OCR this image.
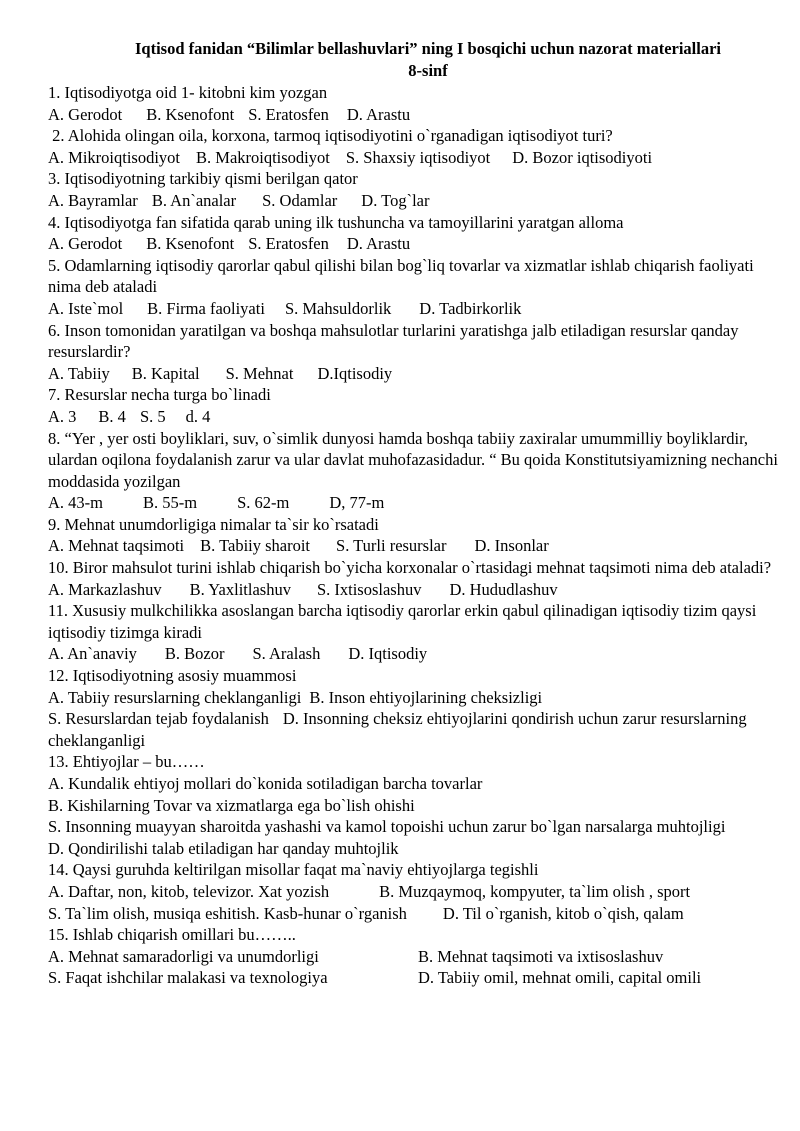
Iqtisod fanidan “Bilimlar bellashuvlari” ning I bosqichi uchun nazorat materiallari
8-sinf
1. Iqtisodiyotga oid 1- kitobni kim yozgan
A. Gerodot B. Ksenofont S. Eratosfen D. Arastu
2. Alohida olingan oila, korxona, tarmoq iqtisodiyotini o`rganadigan iqtisodiyot turi?
A. Mikroiqtisodiyot B. Makroiqtisodiyot S. Shaxsiy iqtisodiyot D. Bozor iqtisodiyoti
3. Iqtisodiyotning tarkibiy qismi berilgan qator
A. Bayramlar B. An`analar S. Odamlar D. Tog`lar
4. Iqtisodiyotga fan sifatida qarab uning ilk tushuncha va tamoyillarini yaratgan alloma
A. Gerodot B. Ksenofont S. Eratosfen D. Arastu
5. Odamlarning iqtisodiy qarorlar qabul qilishi bilan bog`liq tovarlar va xizmatlar ishlab chiqarish faoliyati nima deb ataladi
A. Iste`mol B. Firma faoliyati S. Mahsuldorlik D. Tadbirkorlik
6. Inson tomonidan yaratilgan va boshqa mahsulotlar turlarini yaratishga jalb etiladigan resurslar qanday resurslardir?
A. Tabiiy B. Kapital S. Mehnat D.Iqtisodiy
7. Resurslar necha turga bo`linadi
A. 3 B. 4 S. 5 d. 4
8. “Yer , yer osti boyliklari, suv, o`simlik dunyosi hamda boshqa tabiiy zaxiralar umummilliy boyliklardir, ulardan oqilona foydalanish zarur va ular davlat muhofazasidadur. “ Bu qoida Konstitutsiyamizning nechanchi moddasida yozilgan
A. 43-m B. 55-m S. 62-m D, 77-m
9. Mehnat unumdorligiga nimalar ta`sir ko`rsatadi
A. Mehnat taqsimoti B. Tabiiy sharoit S. Turli resurslar D. Insonlar
10. Biror mahsulot turini ishlab chiqarish bo`yicha korxonalar o`rtasidagi mehnat taqsimoti nima deb ataladi?
A. Markazlashuv B. Yaxlitlashuv S. Ixtisoslashuv D. Hududlashuv
11. Xususiy mulkchilikka asoslangan barcha iqtisodiy qarorlar erkin qabul qilinadigan iqtisodiy tizim qaysi iqtisodiy tizimga kiradi
A. An`anaviy B. Bozor S. Aralash D. Iqtisodiy
12. Iqtisodiyotning asosiy muammosi
A. Tabiiy resurslarning cheklanganligi B. Inson ehtiyojlarining cheksizligi
S. Resurslardan tejab foydalanish D. Insonning cheksiz ehtiyojlarini qondirish uchun zarur resurslarning cheklanganligi
13. Ehtiyojlar – bu……
A. Kundalik ehtiyoj mollari do`konida sotiladigan barcha tovarlar
B. Kishilarning Tovar va xizmatlarga ega bo`lish ohishi
S. Insonning muayyan sharoitda yashashi va kamol topoishi uchun zarur bo`lgan narsalarga muhtojligi
D. Qondirilishi talab etiladigan har qanday muhtojlik
14. Qaysi guruhda keltirilgan misollar faqat ma`naviy ehtiyojlarga tegishli
A. Daftar, non, kitob, televizor. Xat yozish	B. Muzqaymoq, kompyuter, ta`lim olish , sport
S. Ta`lim olish, musiqa eshitish. Kasb-hunar o`rganish D. Til o`rganish, kitob o`qish, qalam
15. Ishlab chiqarish omillari bu……..
A. Mehnat samaradorligi va unumdorligi	B. Mehnat taqsimoti va ixtisoslashuv
S. Faqat ishchilar malakasi va texnologiya	D. Tabiiy omil, mehnat omili, capital omili
